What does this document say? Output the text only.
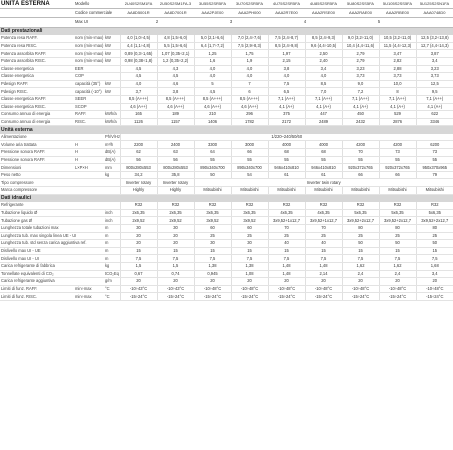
UNITÀ ESTERNA	Modello		2U40S2SM1FA	2U50S2SM1FA-3	3U55S2SR5FA	3U70S2SR5FA	4U75S2SR5FA	4U85S2SR5FA	5U80S2SS5FA	5U105S2SS5FA	5U125S2SN1FA
	Codice commerciale		AA8D5001R	AA8D7001R	AAA2PJE00	AAA2PH000	AAA2R7E00	AAA2RSE00	AAA2RAE00	AAA2RBE00	AAA0748D0
	Max UI		2		3		4		5		
Dati prestazionali											
Potenza resa RAFF.	nom (min÷max)	kW	4,0 (1,0÷4,5)	4,8 (1,5÷6,0)	5,0 (2,1÷6,6)	7,0 (2,4÷7,6)	7,5 (2,4÷8,7)	8,5 (2,4÷9,3)	9,0 (3,2÷11,0)	10,5 (3,2÷11,0)	12,5 (3,2÷13,8)
Potenza resa RISC.	nom (min÷max)	kW	4,4 (1,1÷4,8)	5,5 (1,5÷6,6)	6,4 (1,7÷7,2)	7,5 (2,9÷8,3)	8,5 (2,4÷9,8)	9,6 (4,4÷10,5)	10,4 (4,4÷11,6)	11,5 (4,4÷12,3)	12,7 (4,4÷14,3)
Potenza assorbita RAFF.	nom (min÷max)	kW	0,89 (0,3÷1,65)	1,07 (0,35÷2,1)	1,25	1,75	1,97	2,50	2,79	3,47	3,87
Potenza assorbita RISC.	nom (min÷max)	kW	0,98 (0,38÷1,8)	1,2 (0,35÷2,2)	1,6	1,9	2,15	2,40	2,79	2,82	3,4
Classe energetica	EER		4,5	4,3	4,0	4,0	3,8	3,4	3,23	2,88	3,23
Classe energetica	COP		4,5	4,5	4,0	4,0	4,0	4,0	3,73	3,73	3,73
Pdesign RAFF.	capacità (35°)	kW	4,0	4,6	5	7	7,5	8,5	9,0	10,0	12,5
Pdesign RISC.	capacità (-10°)	kW	3,7	3,8	4,5	6	6,5	7,0	7,2	8	9,5
Classe energetica RAFF.	SEER		8,5 (A+++)	8,5 (A+++)	8,5 (A+++)	8,5 (A+++)	7,1 (A++)	7,1 (A++)	7,1 (A++)	7,1 (A++)	7,1 (A++)
Classe energetica RISC.	SCOP		4,6 (A++)	4,6 (A++)	4,6 (A++)	4,6 (A++)	4,1 (A+)	4,1 (A+)	4,1 (A+)	4,1 (A+)	4,1 (A+)
Consumo annuo di energia	RAFF.	kWh/a	165	189	210	296	375	447	450	529	622
Consumo annuo di energia	RISC.	kWh/a	1126	1157	1406	1782	2172	2489	2432	2876	3346
Unità esterna											
Alimentazione		Ph/V/Hz	1/220–240/50/60								
Volume aria trattata	H	m³/h	2200	2400	3300	3000	4000	4000	4200	4200	6200
Pressione sonora RAFF.	H	dB(A)	62	63	64	66	68	68	70	73	73
Pressione sonora RAFF.	H	dB(A)	56	56	55	55	55	55	55	55	55
Dimensioni	L×P×H	mm	800x280x553	800x280x553	890x340x700	890x340x700	946x410x810	946x410x810	920x372x765	920x372x765	950x370x965
Peso netto		kg	34,2	35,8	50	54	61	61	66	66	79
Tipo compressore			Inverter rotary	Inverter rotary	Inverter twin rotary						
Marca compressore			Highly	Highly	Mitsubishi	Mitsubishi	Mitsubishi	Mitsubishi	Mitsubishi	Mitsubishi	Mitsubishi
Dati idraulici											
Refrigerante			R32	R32	R32	R32	R32	R32	R32	R32	R32
Tubazione liquido Ø		inch	2x6,35	2x6,35	3x6,35	3x6,35	4x6,35	4x6,35	5x6,35	5x6,35	5x6,35
Tubazione gas Ø		inch	2x9,52	2x9,52	3x9,52	3x9,52	3x9,52+1x12,7	3x9,52+1x12,7	3x9,52+2x12,7	3x9,52+2x12,7	3x9,52+2x12,7
Lunghezza totale tubazioni max		m	30	30	60	60	70	70	80	80	80
Lunghezza tub. max singola linea UE - UI		m	20	20	25	25	25	25	25	25	25
Lunghezza tub. std senza carica aggiuntiva ref.		m	20	20	30	30	40	40	50	50	50
Dislivello max UI - UE		m	15	15	15	15	15	15	15	15	15
Dislivello max UI - UI		m	7,5	7,5	7,5	7,5	7,5	7,5	7,5	7,5	7,5
Carica refrigerante di fabbrica		kg	1,5	1,5	1,38	1,38	1,48	1,48	1,62	1,62	1,68
Tonnellate equivalenti di CO₂		tCO₂Eq	0,67	0,74	0,945	1,08	1,48	2,14	2,4	2,4	3,4
Carica refrigerante aggiuntiva		g/m	20	20	20	20	20	20	20	20	20
Limiti di funz. RAFF.	min÷max	°C	-10÷43°C	-10÷43°C	-10÷48°C	-10÷48°C	-10÷48°C	-10÷48°C	-10÷48°C	-10÷48°C	-10÷48°C
Limiti di funz. RISC.	min÷max	°C	-15÷24°C	-15÷24°C	-15÷24°C	-15÷24°C	-15÷24°C	-15÷24°C	-15÷24°C	-15÷24°C	-15÷24°C
